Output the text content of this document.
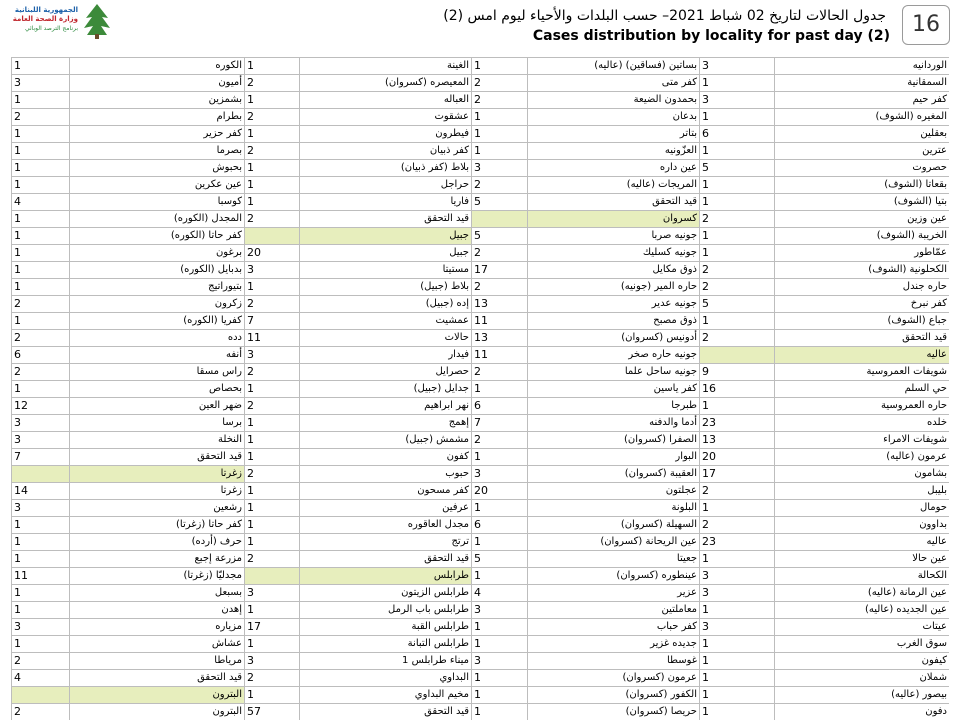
الجمهورية اللبنانية
وزارة الصحة العامة
برنامج الترصد الوبائي
جدول الحالات لتاريخ 02 شباط 2021– حسب البلدات والأحياء ليوم امس (2)
Cases distribution by locality for past day (2)	16
1	الكوره	1	الغينة	1	بساتين (فساقين) (عاليه)	3	الوردانيه
3	أميون	2	المعيصره (كسروان)	2	كفر متى	1	السمقانية
1	بشمزين	1	العباله	2	بحمدون الضيعة	3	كفر حيم
2	بطرام	2	عشقوت	1	بدعان	1	المغيره (الشوف)
1	كفر حزير	1	فيطرون	1	بتاتر	6	بعقلين
1	بصرما	2	كفر ذبيان	1	العزّونيه	1	عترين
1	بحبوش	1	بلاط (كفر ذبيان)	3	عين داره	5	حصروت
1	عين عكرين	1	حراجل	2	المريجات (عاليه)	1	بقعاتا (الشوف)
4	كوسبا	1	فاريا	5	قيد التحقق	1	بتيا (الشوف)
1	المجدل (الكوره)	2	قيد التحقق		كسروان	2	عين وزين
1	كفر حاتا (الكوره)		جبيل	5	جونيه صربا	1	الخريبة (الشوف)
1	برغون	20	جبيل	2	جونيه كسليك	1	عمّاطور
1	بدبايل (الكوره)	3	مستيتا	17	ذوق مكايل	2	الكحلونية (الشوف)
1	بتيوراتيج	1	بلاط (جبيل)	2	حاره المير (جونيه)	2	حاره جندل
2	زكرون	2	إده (جبيل)	13	جونيه عدير	5	كفر نبرخ
1	كفريا (الكوره)	7	عمشيت	11	ذوق مصبح	1	جباع (الشوف)
2	دده	11	حالات	13	أدونيس (كسروان)	2	قيد التحقق
6	أنفه	3	فيدار	11	جونيه حاره صخر		عاليه
2	راس مسقا	2	حصرايل	2	جونيه ساحل علما	9	شويفات العمروسية
1	بحصاص	1	جدايل (جبيل)	1	كفر ياسين	16	حي السلم
12	ضهر العين	2	نهر ابراهيم	6	طبرجا	1	حاره العمروسية
3	برسا	1	إهمج	7	أدما والدفنه	23	خلده
3	النخلة	1	مشمش (جبيل)	2	الصفرا (كسروان)	13	شويفات الامراء
7	قيد التحقق	1	كفون	1	البوار	20	عرمون (عاليه)
	زغرتا	2	حبوب	3	العقيبة (كسروان)	17	بشامون
14	زغرتا	1	كفر مسحون	20	عجلتون	2	بليبل
3	رشعين	1	عرفين	1	البلونة	1	حومال
1	كفر حاتا (زغرتا)	1	مجدل العاقوره	6	السهيلة (كسروان)	2	بداوون
1	حرف (أرده)	1	ترتج	1	عين الريحانة (كسروان)	23	عاليه
1	مزرعة إجبع	2	قيد التحقق	5	جعيتا	1	عين حالا
11	مجدليّا (زغرتا)		طرابلس	1	عينطوره (كسروان)	3	الكحالة
1	بسبعل	3	طرابلس الزيتون	4	عزير	3	عين الرمانة (عاليه)
1	إهدن	1	طرابلس باب الرمل	3	معاملتين	1	عين الجديده (عاليه)
3	مزياره	17	طرابلس القبة	1	كفر حباب	3	عيتات
1	عشاش	1	طرابلس التبانة	1	جديده غزير	1	سوق الغرب
2	مرياطا	3	ميناء طرابلس 1	3	غوسطا	1	كيفون
4	قيد التحقق	2	البداوي	1	عرمون (كسروان)	1	شملان
	البترون	1	مخيم البداوي	1	الكفور (كسروان)	1	بيصور (عاليه)
2	البترون	57	قيد التحقق	1	حريصا (كسروان)	1	دفون
